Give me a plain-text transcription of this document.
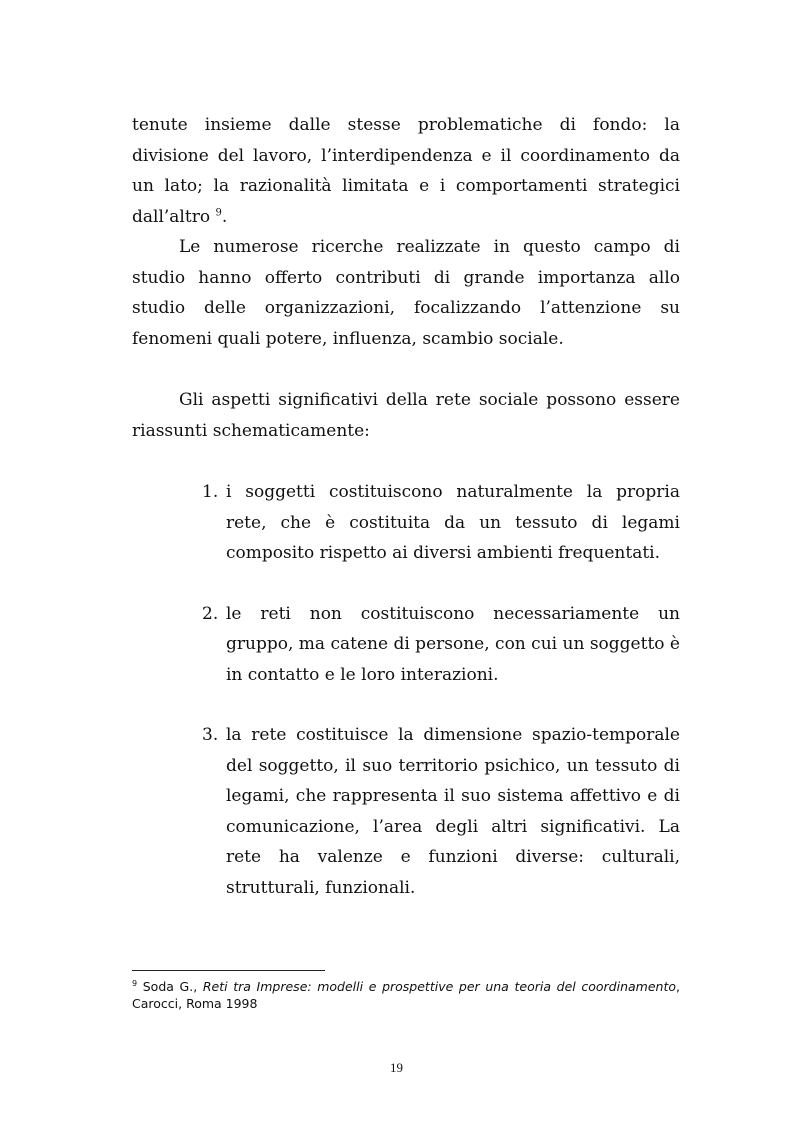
tenute insieme dalle stesse problematiche di fondo: la divisione del lavoro, l’interdipendenza e il coordinamento da un lato; la razionalità limitata e i comportamenti strategici dall’altro $^9$.

Le numerose ricerche realizzate in questo campo di studio hanno offerto contributi di grande importanza allo studio delle organizzazioni, focalizzando l’attenzione su fenomeni quali potere, influenza, scambio sociale.

Gli aspetti significativi della rete sociale possono essere riassunti schematicamente:

1. i soggetti costituiscono naturalmente la propria rete, che è costituita da un tessuto di legami composito rispetto ai diversi ambienti frequentati.
2. le reti non costituiscono necessariamente un gruppo, ma catene di persone, con cui un soggetto è in contatto e le loro interazioni.
3. la rete costituisce la dimensione spazio-temporale del soggetto, il suo territorio psichico, un tessuto di legami, che rappresenta il suo sistema affettivo e di comunicazione, l’area degli altri significativi. La rete ha valenze e funzioni diverse: culturali, strutturali, funzionali.
$^9$ Soda G., Reti tra Imprese: modelli e prospettive per una teoria del coordinamento, Carocci, Roma 1998
19
